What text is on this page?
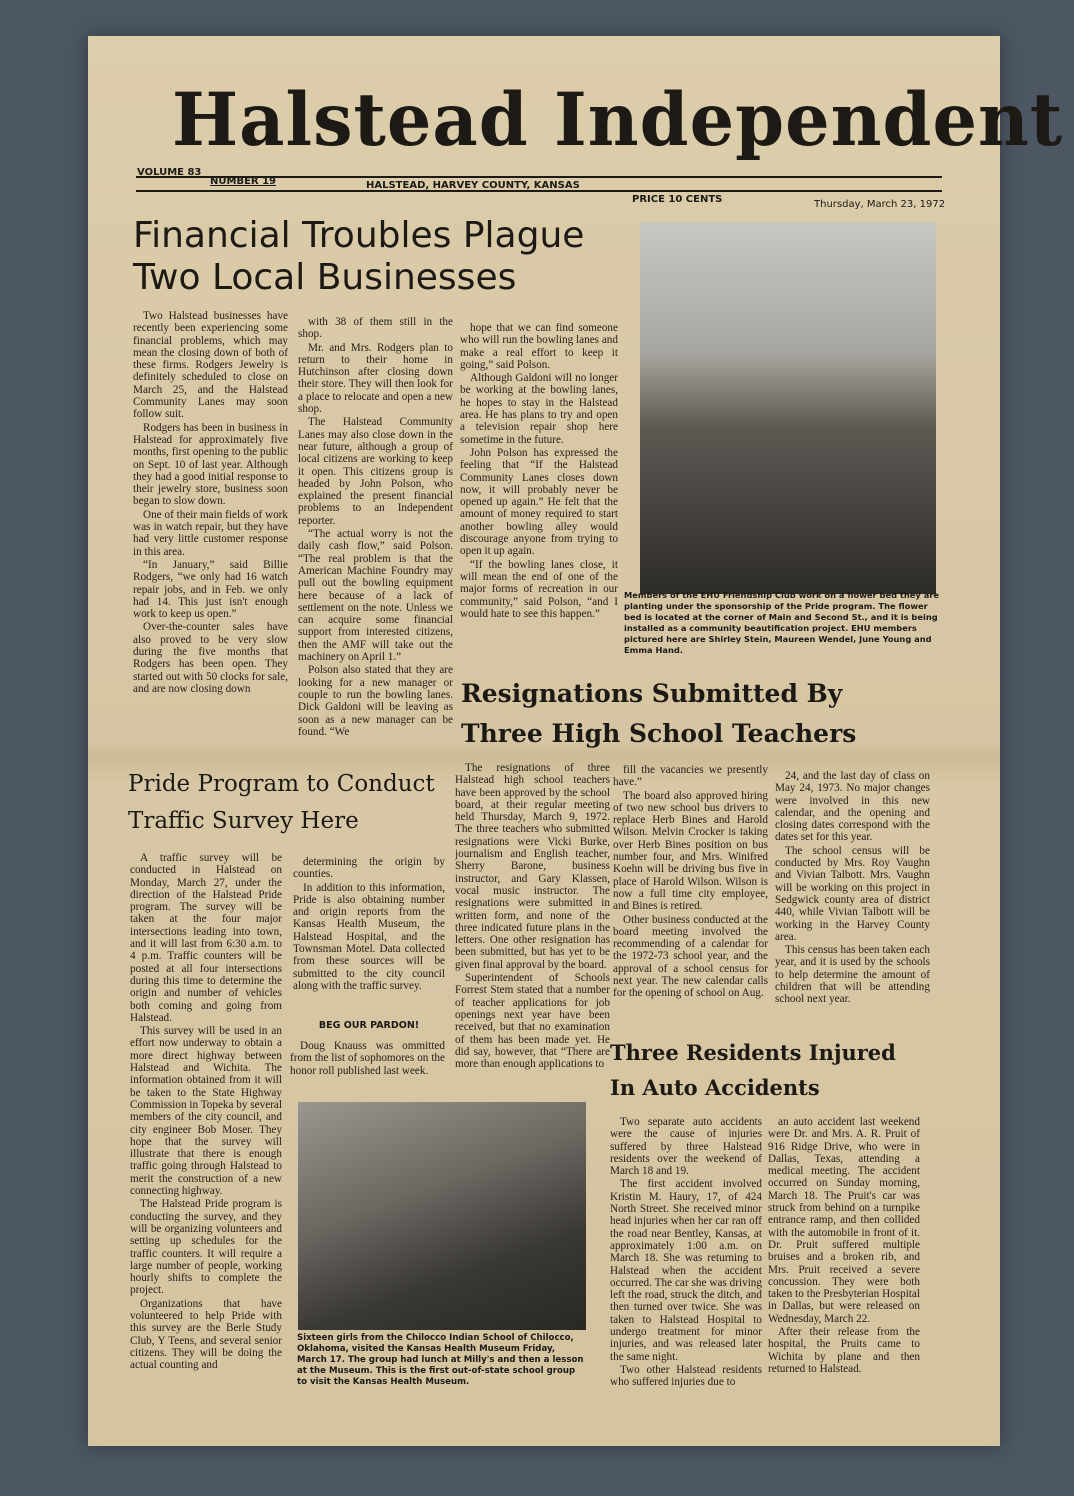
Halstead Independent
VOLUME 83
NUMBER 19	HALSTEAD, HARVEY COUNTY, KANSAS
PRICE 10 CENTS	Thursday, March 23, 1972
Financial Troubles Plague
Two Local Businesses

Two Halstead businesses have recently been experiencing some financial problems, which may mean the closing down of both of these firms. Rodgers Jewelry is definitely scheduled to close on March 25, and the Halstead Community Lanes may soon follow suit.

Rodgers has been in business in Halstead for approximately five months, first opening to the public on Sept. 10 of last year. Although they had a good initial response to their jewelry store, business soon began to slow down.

One of their main fields of work was in watch repair, but they have had very little customer response in this area.

“In January,” said Billie Rodgers, “we only had 16 watch repair jobs, and in Feb. we only had 14. This just isn't enough work to keep us open.”

Over-the-counter sales have also proved to be very slow during the five months that Rodgers has been open. They started out with 50 clocks for sale, and are now closing down

with 38 of them still in the shop.

Mr. and Mrs. Rodgers plan to return to their home in Hutchinson after closing down their store. They will then look for a place to relocate and open a new shop.

The Halstead Community Lanes may also close down in the near future, although a group of local citizens are working to keep it open. This citizens group is headed by John Polson, who explained the present financial problems to an Independent reporter.

“The actual worry is not the daily cash flow,” said Polson. “The real problem is that the American Machine Foundry may pull out the bowling equipment here because of a lack of settlement on the note. Unless we can acquire some financial support from interested citizens, then the AMF will take out the machinery on April 1.”

Polson also stated that they are looking for a new manager or couple to run the bowling lanes. Dick Galdoni will be leaving as soon as a new manager can be found. “We

hope that we can find someone who will run the bowling lanes and make a real effort to keep it going,” said Polson.

Although Galdoni will no longer be working at the bowling lanes, he hopes to stay in the Halstead area. He has plans to try and open a television repair shop here sometime in the future.

John Polson has expressed the feeling that “If the Halstead Community Lanes closes down now, it will probably never be opened up again.” He felt that the amount of money required to start another bowling alley would discourage anyone from trying to open it up again.

“If the bowling lanes close, it will mean the end of one of the major forms of recreation in our community,” said Polson, “and I would hate to see this happen.”

Members of the EHU Friendship Club work on a flower bed they are planting under the sponsorship of the Pride program. The flower bed is located at the corner of Main and Second St., and it is being installed as a community beautification project. EHU members pictured here are Shirley Stein, Maureen Wendel, June Young and Emma Hand.
Resignations Submitted By
Three High School Teachers

The resignations of three Halstead high school teachers have been approved by the school board, at their regular meeting held Thursday, March 9, 1972. The three teachers who submitted resignations were Vicki Burke, journalism and English teacher, Sherry Barone, business instructor, and Gary Klassen, vocal music instructor. The resignations were submitted in written form, and none of the three indicated future plans in the letters. One other resignation has been submitted, but has yet to be given final approval by the board.

Superintendent of Schools Forrest Stem stated that a number of teacher applications for job openings next year have been received, but that no examination of them has been made yet. He did say, however, that “There are more than enough applications to

fill the vacancies we presently have.”

The board also approved hiring of two new school bus drivers to replace Herb Bines and Harold Wilson. Melvin Crocker is taking over Herb Bines position on bus number four, and Mrs. Winifred Koehn will be driving bus five in place of Harold Wilson. Wilson is now a full time city employee, and Bines is retired.

Other business conducted at the board meeting involved the recommending of a calendar for the 1972-73 school year, and the approval of a school census for next year. The new calendar calls for the opening of school on Aug.

24, and the last day of class on May 24, 1973. No major changes were involved in this new calendar, and the opening and closing dates correspond with the dates set for this year.

The school census will be conducted by Mrs. Roy Vaughn and Vivian Talbott. Mrs. Vaughn will be working on this project in Sedgwick county area of district 440, while Vivian Talbott will be working in the Harvey County area.

This census has been taken each year, and it is used by the schools to help determine the amount of children that will be attending school next year.

Pride Program to Conduct
Traffic Survey Here

A traffic survey will be conducted in Halstead on Monday, March 27, under the direction of the Halstead Pride program. The survey will be taken at the four major intersections leading into town, and it will last from 6:30 a.m. to 4 p.m. Traffic counters will be posted at all four intersections during this time to determine the origin and number of vehicles both coming and going from Halstead.

This survey will be used in an effort now underway to obtain a more direct highway between Halstead and Wichita. The information obtained from it will be taken to the State Highway Commission in Topeka by several members of the city council, and city engineer Bob Moser. They hope that the survey will illustrate that there is enough traffic going through Halstead to merit the construction of a new connecting highway.

The Halstead Pride program is conducting the survey, and they will be organizing volunteers and setting up schedules for the traffic counters. It will require a large number of people, working hourly shifts to complete the project.

Organizations that have volunteered to help Pride with this survey are the Berle Study Club, Y Teens, and several senior citizens. They will be doing the actual counting and

determining the origin by counties.

In addition to this information, Pride is also obtaining number and origin reports from the Kansas Health Museum, the Halstead Hospital, and the Townsman Motel. Data collected from these sources will be submitted to the city council along with the traffic survey.

BEG OUR PARDON!

Doug Knauss was ommitted from the list of sophomores on the honor roll published last week.

Sixteen girls from the Chilocco Indian School of Chilocco, Oklahoma, visited the Kansas Health Museum Friday, March 17. The group had lunch at Milly's and then a lesson at the Museum. This is the first out-of-state school group to visit the Kansas Health Museum.
Three Residents Injured
In Auto Accidents

Two separate auto accidents were the cause of injuries suffered by three Halstead residents over the weekend of March 18 and 19.

The first accident involved Kristin M. Haury, 17, of 424 North Street. She received minor head injuries when her car ran off the road near Bentley, Kansas, at approximately 1:00 a.m. on March 18. She was returning to Halstead when the accident occurred. The car she was driving left the road, struck the ditch, and then turned over twice. She was taken to Halstead Hospital to undergo treatment for minor injuries, and was released later the same night.

Two other Halstead residents who suffered injuries due to

an auto accident last weekend were Dr. and Mrs. A. R. Pruit of 916 Ridge Drive, who were in Dallas, Texas, attending a medical meeting. The accident occurred on Sunday morning, March 18. The Pruit's car was struck from behind on a turnpike entrance ramp, and then collided with the automobile in front of it. Dr. Pruit suffered multiple bruises and a broken rib, and Mrs. Pruit received a severe concussion. They were both taken to the Presbyterian Hospital in Dallas, but were released on Wednesday, March 22.

After their release from the hospital, the Pruits came to Wichita by plane and then returned to Halstead.
